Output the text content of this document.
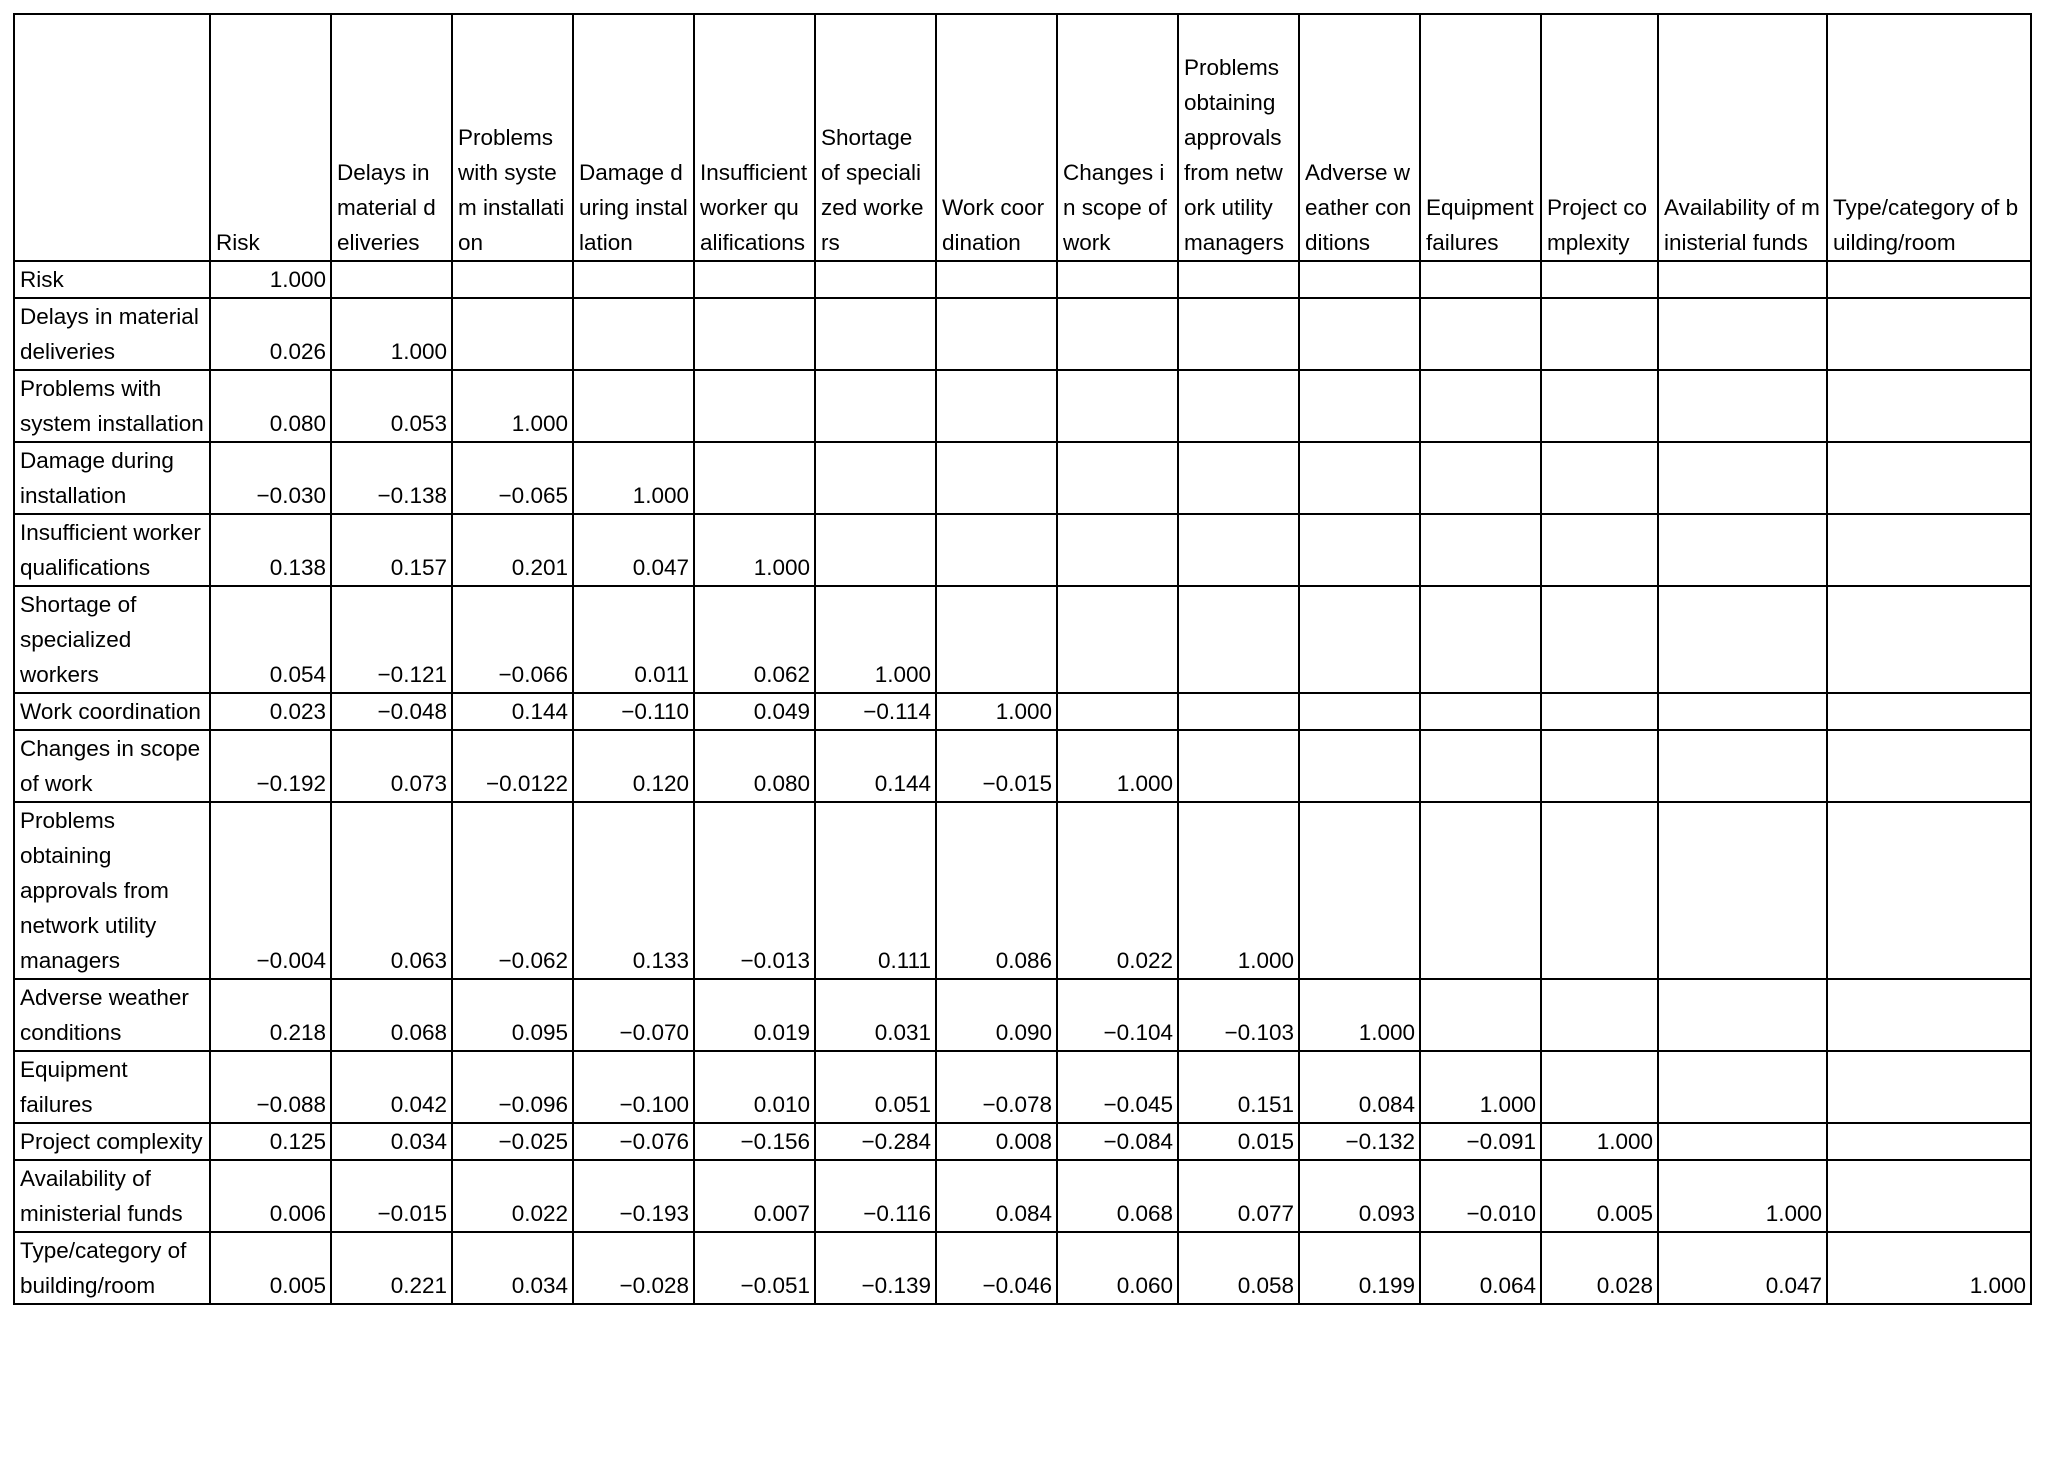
	Risk	Delays in material deliveries	Problems with system installation	Damage during installation	Insufficient worker qualifications	Shortage of specialized workers	Work coordination	Changes in scope of work	Problems obtaining approvals from network utility managers	Adverse weather conditions	Equipment failures	Project complexity	Availability of ministerial funds	Type/category of building/room
Risk	1.000													
Delays in material deliveries	0.026	1.000												
Problems with system installation	0.080	0.053	1.000											
Damage during installation	−0.030	−0.138	−0.065	1.000										
Insufficient worker qualifications	0.138	0.157	0.201	0.047	1.000									
Shortage of specialized workers	0.054	−0.121	−0.066	0.011	0.062	1.000								
Work coordination	0.023	−0.048	0.144	−0.110	0.049	−0.114	1.000							
Changes in scope of work	−0.192	0.073	−0.0122	0.120	0.080	0.144	−0.015	1.000						
Problems obtaining approvals from network utility managers	−0.004	0.063	−0.062	0.133	−0.013	0.111	0.086	0.022	1.000					
Adverse weather conditions	0.218	0.068	0.095	−0.070	0.019	0.031	0.090	−0.104	−0.103	1.000				
Equipment failures	−0.088	0.042	−0.096	−0.100	0.010	0.051	−0.078	−0.045	0.151	0.084	1.000			
Project complexity	0.125	0.034	−0.025	−0.076	−0.156	−0.284	0.008	−0.084	0.015	−0.132	−0.091	1.000		
Availability of ministerial funds	0.006	−0.015	0.022	−0.193	0.007	−0.116	0.084	0.068	0.077	0.093	−0.010	0.005	1.000	
Type/category of building/room	0.005	0.221	0.034	−0.028	−0.051	−0.139	−0.046	0.060	0.058	0.199	0.064	0.028	0.047	1.000
